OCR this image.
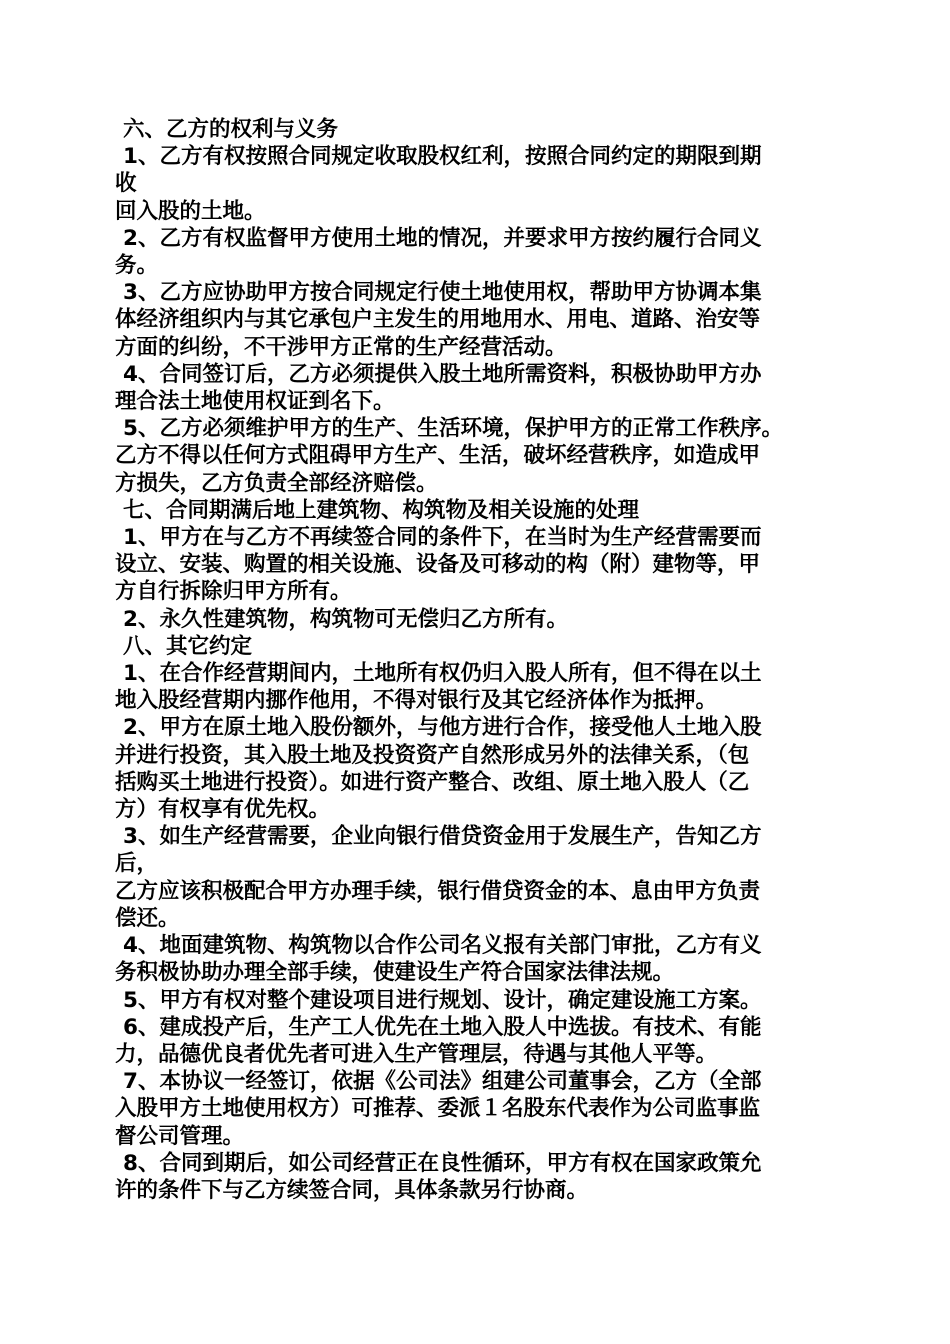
六、乙方的权利与义务

1、乙方有权按照合同规定收取股权红利，按照合同约定的期限到期

收

回入股的土地。

2、乙方有权监督甲方使用土地的情况，并要求甲方按约履行合同义

务。

3、乙方应协助甲方按合同规定行使土地使用权，帮助甲方协调本集

体经济组织内与其它承包户主发生的用地用水、用电、道路、治安等

方面的纠纷，不干涉甲方正常的生产经营活动。

4、合同签订后，乙方必须提供入股土地所需资料，积极协助甲方办

理合法土地使用权证到名下。

5、乙方必须维护甲方的生产、生活环境，保护甲方的正常工作秩序。

乙方不得以任何方式阻碍甲方生产、生活，破坏经营秩序，如造成甲

方损失，乙方负责全部经济赔偿。

七、合同期满后地上建筑物、构筑物及相关设施的处理

1、甲方在与乙方不再续签合同的条件下，在当时为生产经营需要而

设立、安装、购置的相关设施、设备及可移动的构（附）建物等，甲

方自行拆除归甲方所有。

2、永久性建筑物，构筑物可无偿归乙方所有。

八、其它约定

1、在合作经营期间内，土地所有权仍归入股人所有，但不得在以土

地入股经营期内挪作他用，不得对银行及其它经济体作为抵押。

2、甲方在原土地入股份额外，与他方进行合作，接受他人土地入股

并进行投资，其入股土地及投资资产自然形成另外的法律关系，（包

括购买土地进行投资）。如进行资产整合、改组、原土地入股人（乙

方）有权享有优先权。

3、如生产经营需要，企业向银行借贷资金用于发展生产，告知乙方

后，

乙方应该积极配合甲方办理手续，银行借贷资金的本、息由甲方负责

偿还。

4、地面建筑物、构筑物以合作公司名义报有关部门审批，乙方有义

务积极协助办理全部手续，使建设生产符合国家法律法规。

5、甲方有权对整个建设项目进行规划、设计，确定建设施工方案。

6、建成投产后，生产工人优先在土地入股人中选拔。有技术、有能

力，品德优良者优先者可进入生产管理层，待遇与其他人平等。

7、本协议一经签订，依据《公司法》组建公司董事会，乙方（全部

入股甲方土地使用权方）可推荐、委派１名股东代表作为公司监事监

督公司管理。

8、合同到期后，如公司经营正在良性循环，甲方有权在国家政策允

许的条件下与乙方续签合同，具体条款另行协商。
